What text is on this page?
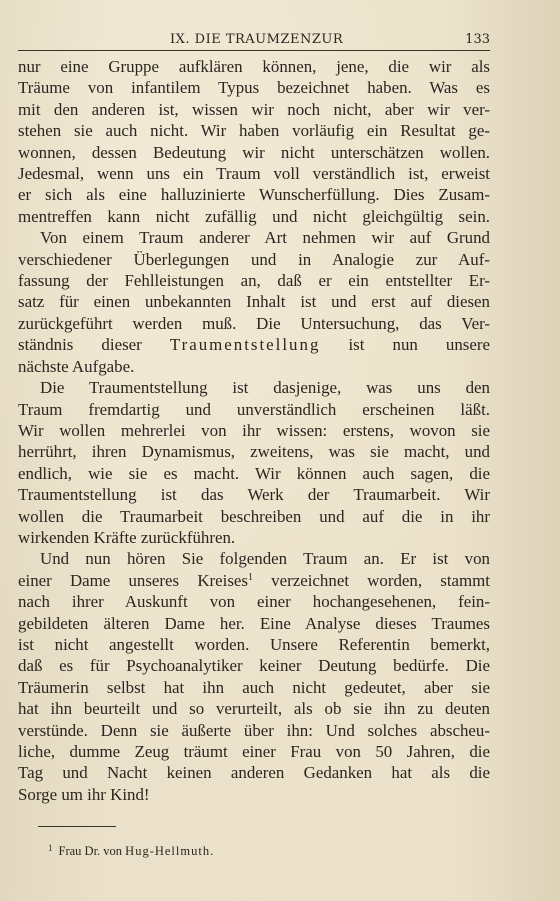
IX. DIE TRAUMZENZUR	133
nur eine Gruppe aufklären können, jene, die wir als
Träume von infantilem Typus bezeichnet haben. Was es
mit den anderen ist, wissen wir noch nicht, aber wir ver-
stehen sie auch nicht. Wir haben vorläufig ein Resultat ge-
wonnen, dessen Bedeutung wir nicht unterschätzen wollen.
Jedesmal, wenn uns ein Traum voll verständlich ist, erweist
er sich als eine halluzinierte Wunscherfüllung. Dies Zusam-
mentreffen kann nicht zufällig und nicht gleichgültig sein.
Von einem Traum anderer Art nehmen wir auf Grund
verschiedener Überlegungen und in Analogie zur Auf-
fassung der Fehlleistungen an, daß er ein entstellter Er-
satz für einen unbekannten Inhalt ist und erst auf diesen
zurückgeführt werden muß. Die Untersuchung, das Ver-
ständnis dieser Traumentstellung ist nun unsere
nächste Aufgabe.
Die Traumentstellung ist dasjenige, was uns den
Traum fremdartig und unverständlich erscheinen läßt.
Wir wollen mehrerlei von ihr wissen: erstens, wovon sie
herrührt, ihren Dynamismus, zweitens, was sie macht, und
endlich, wie sie es macht. Wir können auch sagen, die
Traumentstellung ist das Werk der Traumarbeit. Wir
wollen die Traumarbeit beschreiben und auf die in ihr
wirkenden Kräfte zurückführen.
Und nun hören Sie folgenden Traum an. Er ist von
einer Dame unseres Kreises$^1$ verzeichnet worden, stammt
nach ihrer Auskunft von einer hochangesehenen, fein-
gebildeten älteren Dame her. Eine Analyse dieses Traumes
ist nicht angestellt worden. Unsere Referentin bemerkt,
daß es für Psychoanalytiker keiner Deutung bedürfe. Die
Träumerin selbst hat ihn auch nicht gedeutet, aber sie
hat ihn beurteilt und so verurteilt, als ob sie ihn zu deuten
verstünde. Denn sie äußerte über ihn: Und solches abscheu-
liche, dumme Zeug träumt einer Frau von 50 Jahren, die
Tag und Nacht keinen anderen Gedanken hat als die
Sorge um ihr Kind!
$^1$ Frau Dr. von Hug-Hellmuth.
